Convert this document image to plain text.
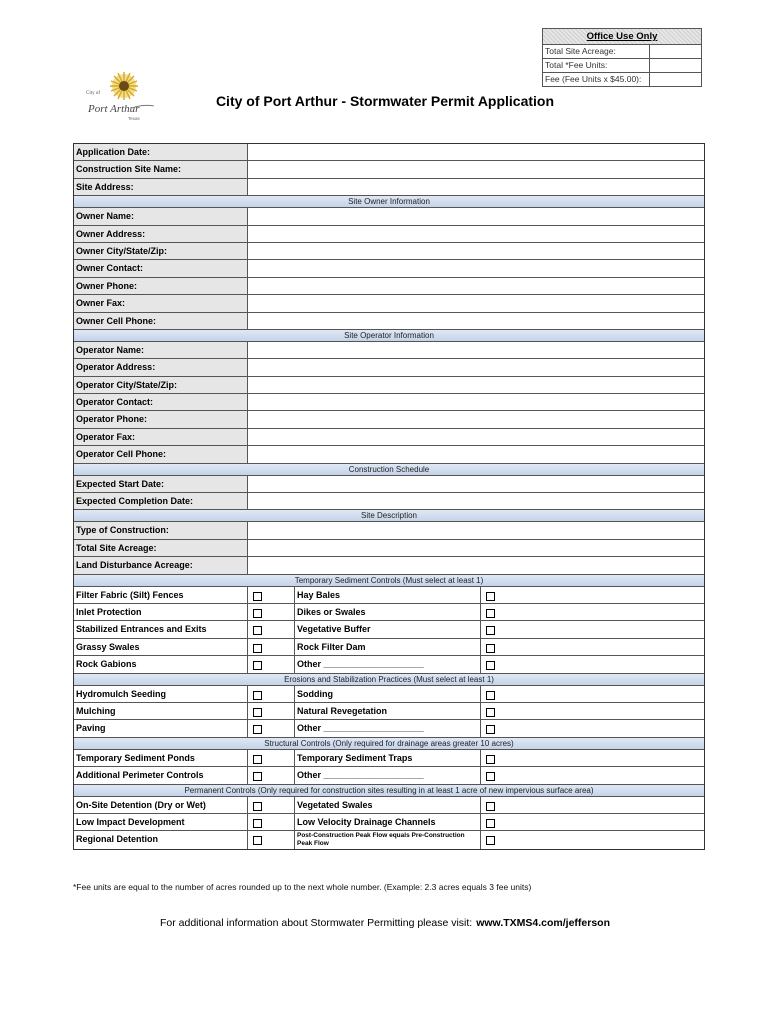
Office Use Only
Total Site Acreage:
Total *Fee Units:
Fee (Fee Units x $45.00):
City of
Port Arthur
Texas
City of Port Arthur - Stormwater Permit Application
Application Date:
Construction Site Name:
Site Address:
Site Owner Information
Owner Name:
Owner Address:
Owner City/State/Zip:
Owner Contact:
Owner Phone:
Owner Fax:
Owner Cell Phone:
Site Operator Information
Operator Name:
Operator Address:
Operator City/State/Zip:
Operator Contact:
Operator Phone:
Operator Fax:
Operator Cell Phone:
Construction Schedule
Expected Start Date:
Expected Completion Date:
Site Description
Type of Construction:
Total Site Acreage:
Land Disturbance Acreage:
Temporary Sediment Controls (Must select at least 1)
Filter Fabric (Silt) Fences	Hay Bales
Inlet Protection	Dikes or Swales
Stabilized Entrances and Exits	Vegetative Buffer
Grassy Swales	Rock Filter Dam
Rock Gabions	Other ____________________
Erosions and Stabilization Practices (Must select at least 1)
Hydromulch Seeding	Sodding
Mulching	Natural Revegetation
Paving	Other ____________________
Structural Controls (Only required for drainage areas greater 10 acres)
Temporary Sediment Ponds	Temporary Sediment Traps
Additional Perimeter Controls	Other ____________________
Permanent Controls (Only required for construction sites resulting in at least 1 acre of new impervious surface area)
On-Site Detention (Dry or Wet)	Vegetated Swales
Low Impact Development	Low Velocity Drainage Channels
Regional Detention	Post-Construction Peak Flow equals Pre-Construction Peak Flow
*Fee units are equal to the number of acres rounded up to the next whole number. (Example: 2.3 acres equals 3 fee units)
For additional information about Stormwater Permitting please visit: www.TXMS4.com/jefferson
